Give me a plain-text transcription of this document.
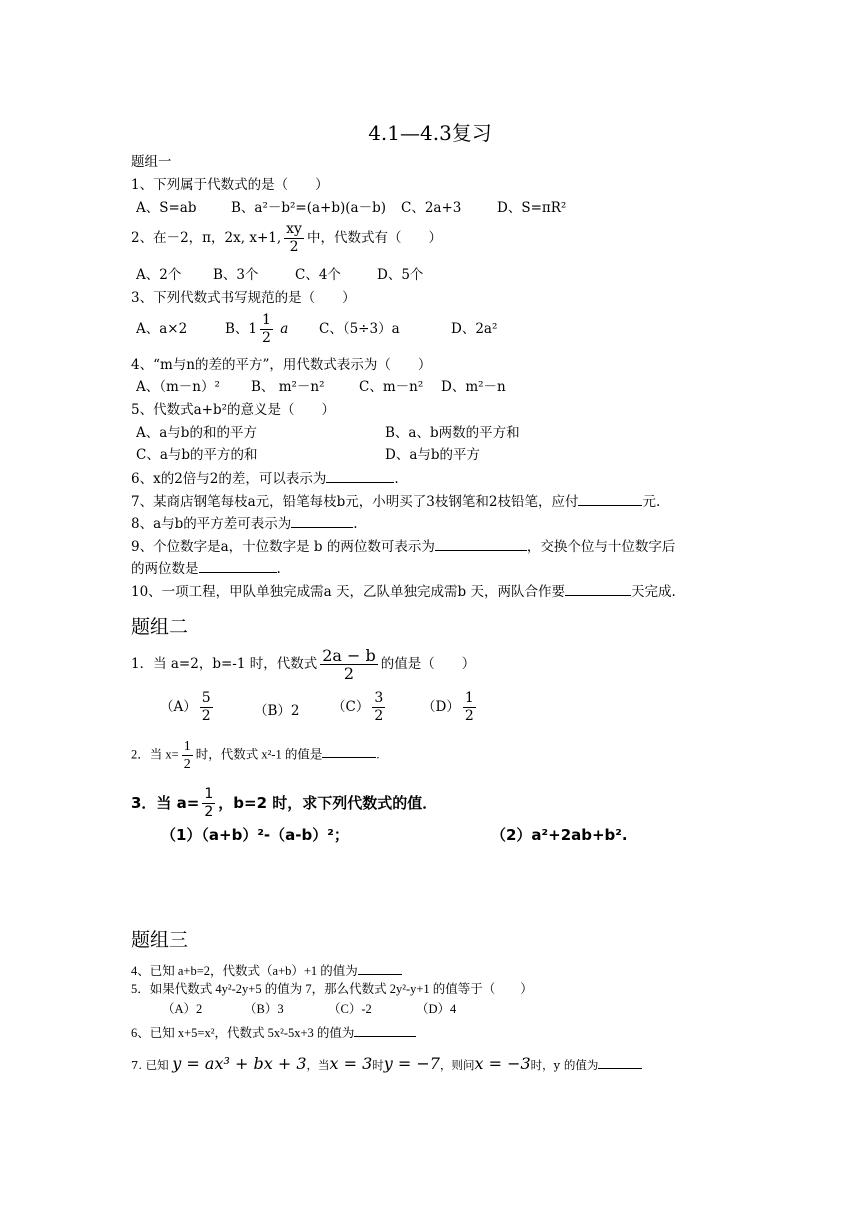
4.1—4.3复习
题组一
1、下列属于代数式的是（　　）
A、S=ab	B、a²－b²=(a+b)(a－b) C、2a+3	D、S=πR²
2、在－2，π，2x, x+1, $\frac{xy}{2}$ 中，代数式有（　　）
A、2个 B、3个	C、4个	D、5个
3、下列代数式书写规范的是（　　）
A、a×2	B、$1 \frac{1}{2}$ a C、（5÷3）a	D、2a²
4、“m与n的差的平方”，用代数式表示为（　　）
A、（m－n）² B、 m²－n²	C、m－n² D、m²－n
5、代数式a+b²的意义是（　　）
A、a与b的和的平方	B、a、b两数的平方和
C、a与b的平方的和	D、a与b的平方
6、x的2倍与2的差，可以表示为	.
7、某商店钢笔每枝a元，铅笔每枝b元，小明买了3枝钢笔和2枝铅笔，应付	元.
8、a与b的平方差可表示为	.
9、个位数字是a，十位数字是 b 的两位数可表示为	，交换个位与十位数字后
的两位数是	.
10、一项工程，甲队单独完成需a 天，乙队单独完成需b 天，两队合作要	天完成.
题组二
1．当 a=2，b=-1 时，代数式 $\frac{2a - b}{2}$ 的值是（　　）
$(A) \frac{5}{2}$	（B）2 $(C) \frac{3}{2}$	$(D) \frac{1}{2}$
2．当 $x= \frac{1}{2}$ 时，代数式 x²-1 的值是	.
3．当 $a= \frac{1}{2}$ ，b=2 时，求下列代数式的值．
（1）（a+b）²-（a-b）²；	（2）a²+2ab+b².
题组三
4、已知 a+b=2，代数式（a+b）+1 的值为
5．如果代数式 4y²-2y+5 的值为 7，那么代数式 2y²-y+1 的值等于（　　）
（A）2	（B）3	（C）-2	（D）4
6、已知 x+5=x²，代数式 5x²-5x+3 的值为
7. 已知 y = ax³ + bx + 3，当x = 3时y = −7，则问x = −3时，y 的值为
